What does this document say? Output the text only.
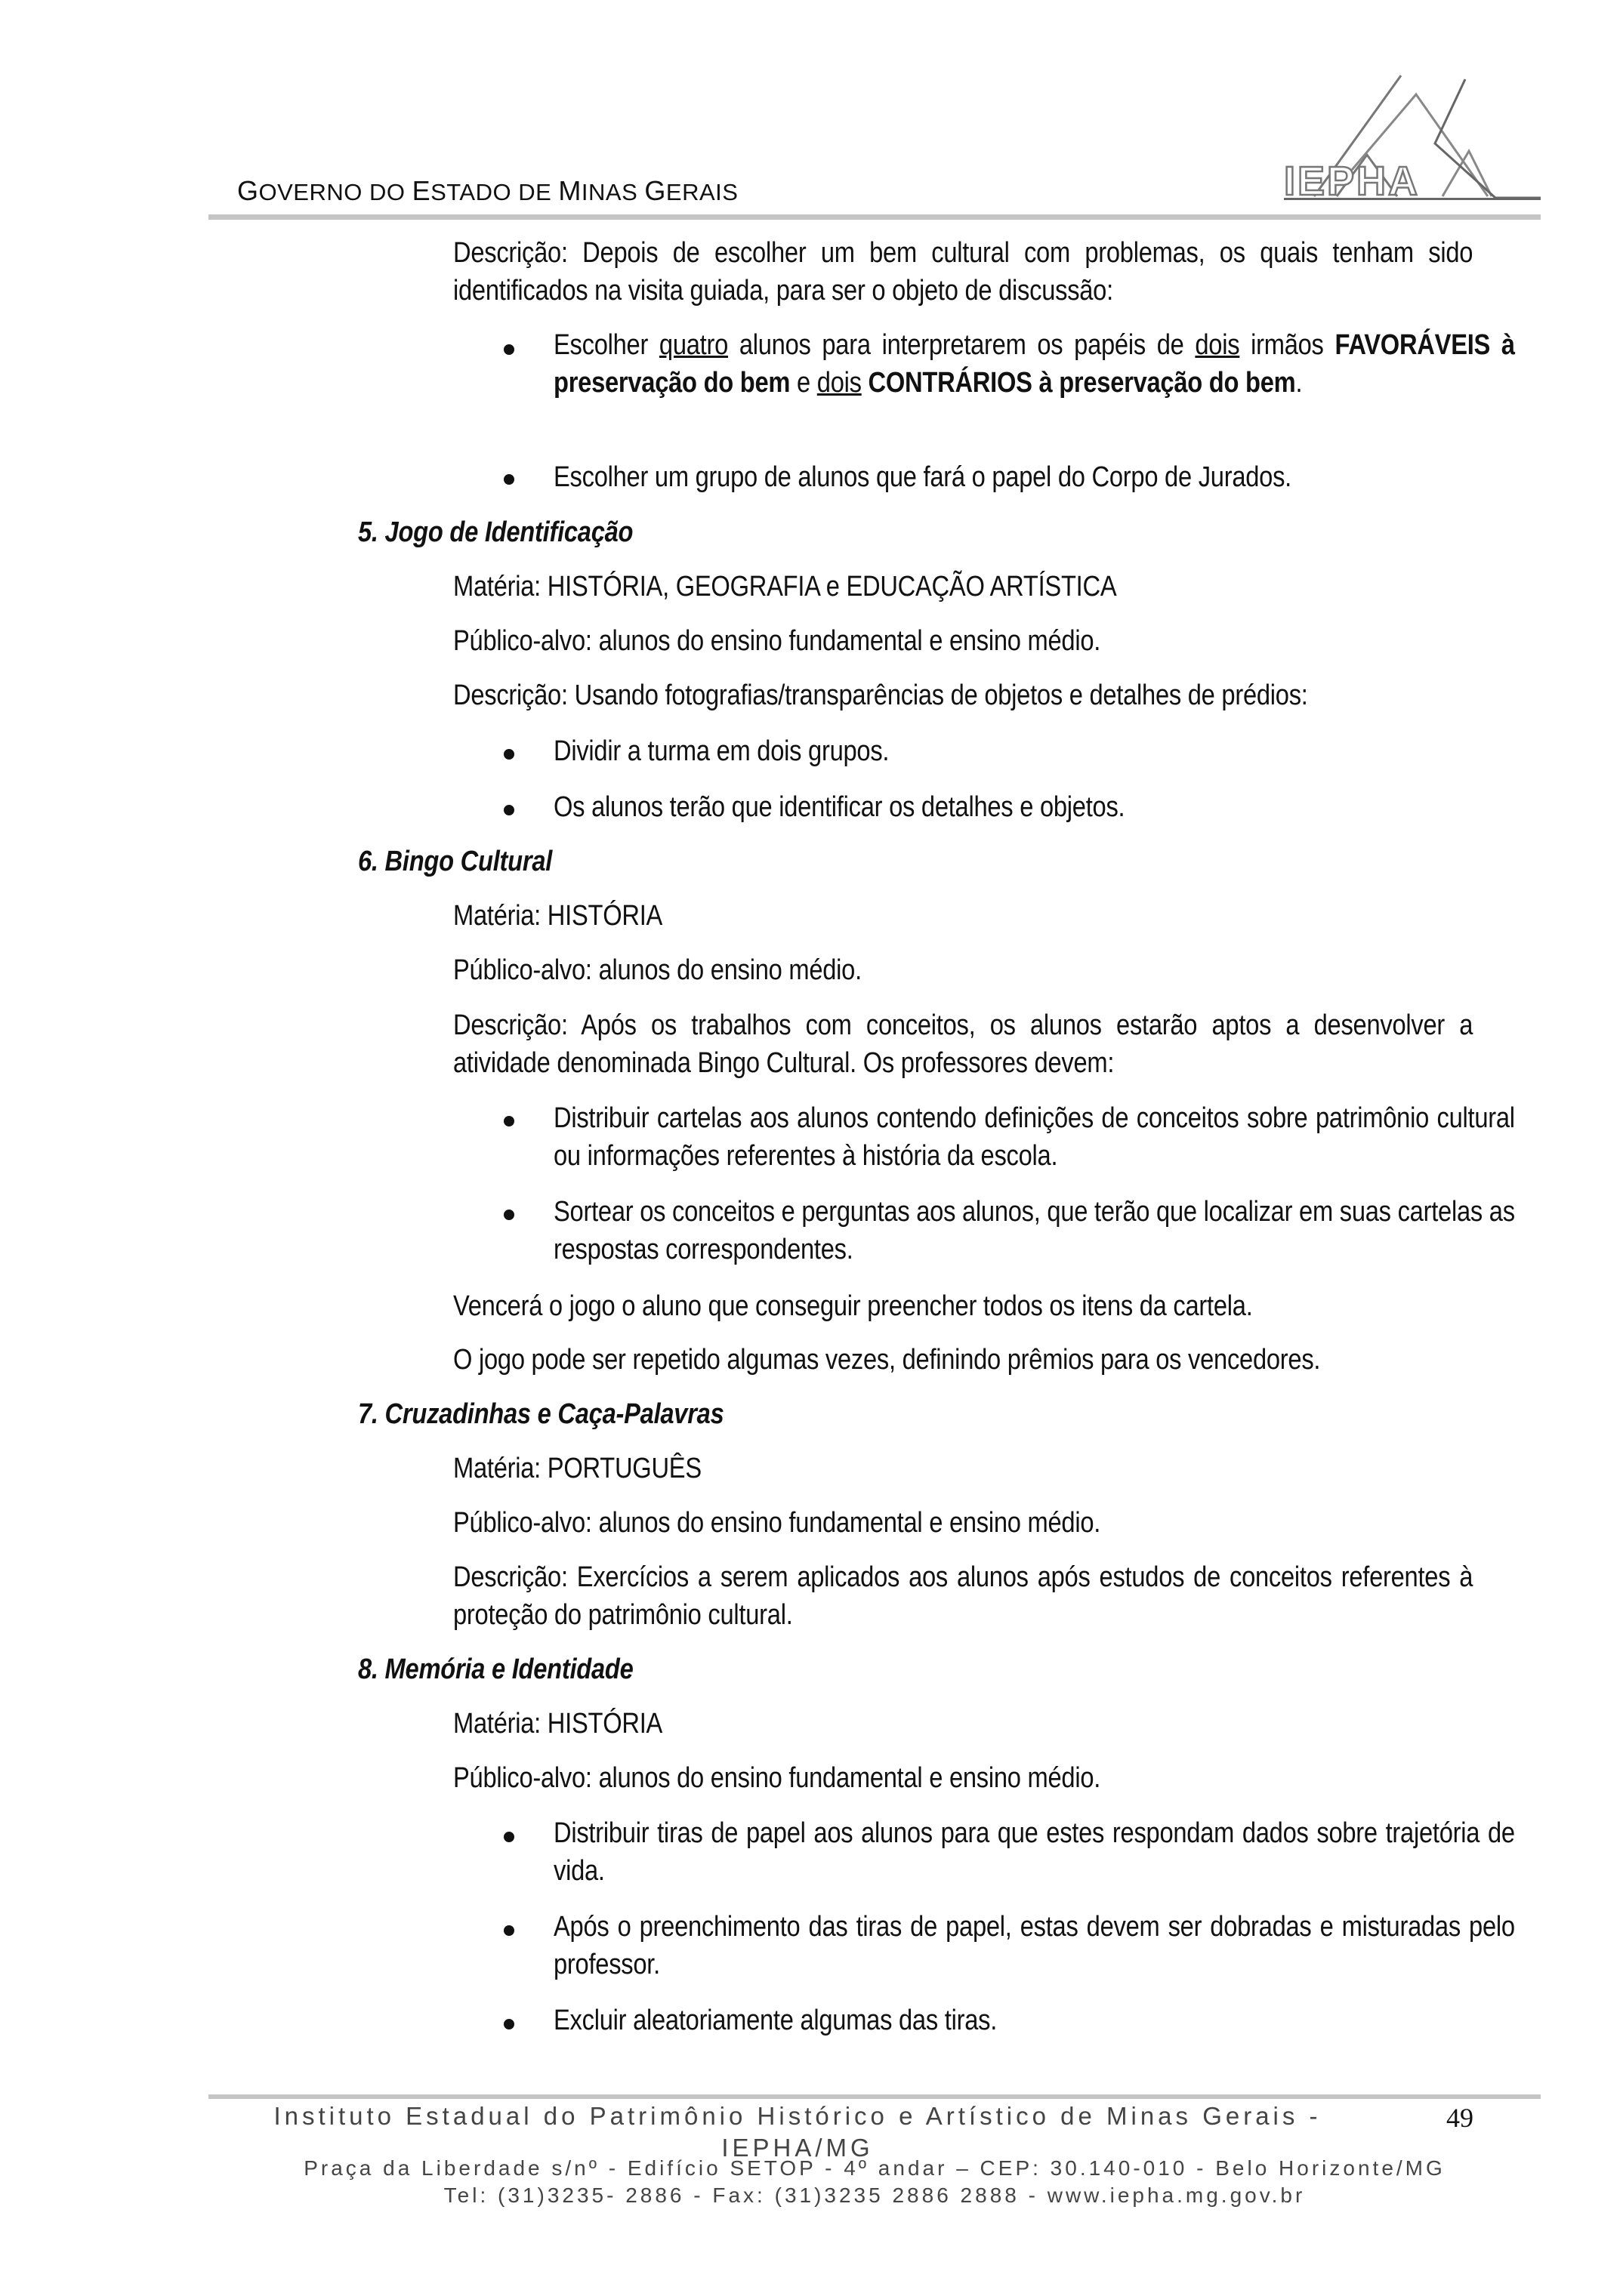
GOVERNO DO ESTADO DE MINAS GERAIS	IEPHA
Descrição: Depois de escolher um bem cultural com problemas, os quais tenham sido identificados na visita guiada, para ser o objeto de discussão:
Escolher quatro alunos para interpretarem os papéis de dois irmãos FAVORÁVEIS à preservação do bem e dois CONTRÁRIOS à preservação do bem.
Escolher um grupo de alunos que fará o papel do Corpo de Jurados.
5. Jogo de Identificação
Matéria: HISTÓRIA, GEOGRAFIA e EDUCAÇÃO ARTÍSTICA
Público-alvo: alunos do ensino fundamental e ensino médio.
Descrição: Usando fotografias/transparências de objetos e detalhes de prédios:
Dividir a turma em dois grupos.
Os alunos terão que identificar os detalhes e objetos.
6. Bingo Cultural
Matéria: HISTÓRIA
Público-alvo: alunos do ensino médio.
Descrição: Após os trabalhos com conceitos, os alunos estarão aptos a desenvolver a atividade denominada Bingo Cultural. Os professores devem:
Distribuir cartelas aos alunos contendo definições de conceitos sobre patrimônio cultural ou informações referentes à história da escola.
Sortear os conceitos e perguntas aos alunos, que terão que localizar em suas cartelas as respostas correspondentes.
Vencerá o jogo o aluno que conseguir preencher todos os itens da cartela.
O jogo pode ser repetido algumas vezes, definindo prêmios para os vencedores.
7. Cruzadinhas e Caça-Palavras
Matéria: PORTUGUÊS
Público-alvo: alunos do ensino fundamental e ensino médio.
Descrição: Exercícios a serem aplicados aos alunos após estudos de conceitos referentes à proteção do patrimônio cultural.
8. Memória e Identidade
Matéria: HISTÓRIA
Público-alvo: alunos do ensino fundamental e ensino médio.
Distribuir tiras de papel aos alunos para que estes respondam dados sobre trajetória de vida.
Após o preenchimento das tiras de papel, estas devem ser dobradas e misturadas pelo professor.
Excluir aleatoriamente algumas das tiras.
Instituto Estadual do Patrimônio Histórico e Artístico de Minas Gerais - IEPHA/MG
Praça da Liberdade s/nº - Edifício SETOP - 4º andar – CEP: 30.140-010 - Belo Horizonte/MG
Tel: (31)3235- 2886 - Fax: (31)3235 2886 2888 - www.iepha.mg.gov.br
49
